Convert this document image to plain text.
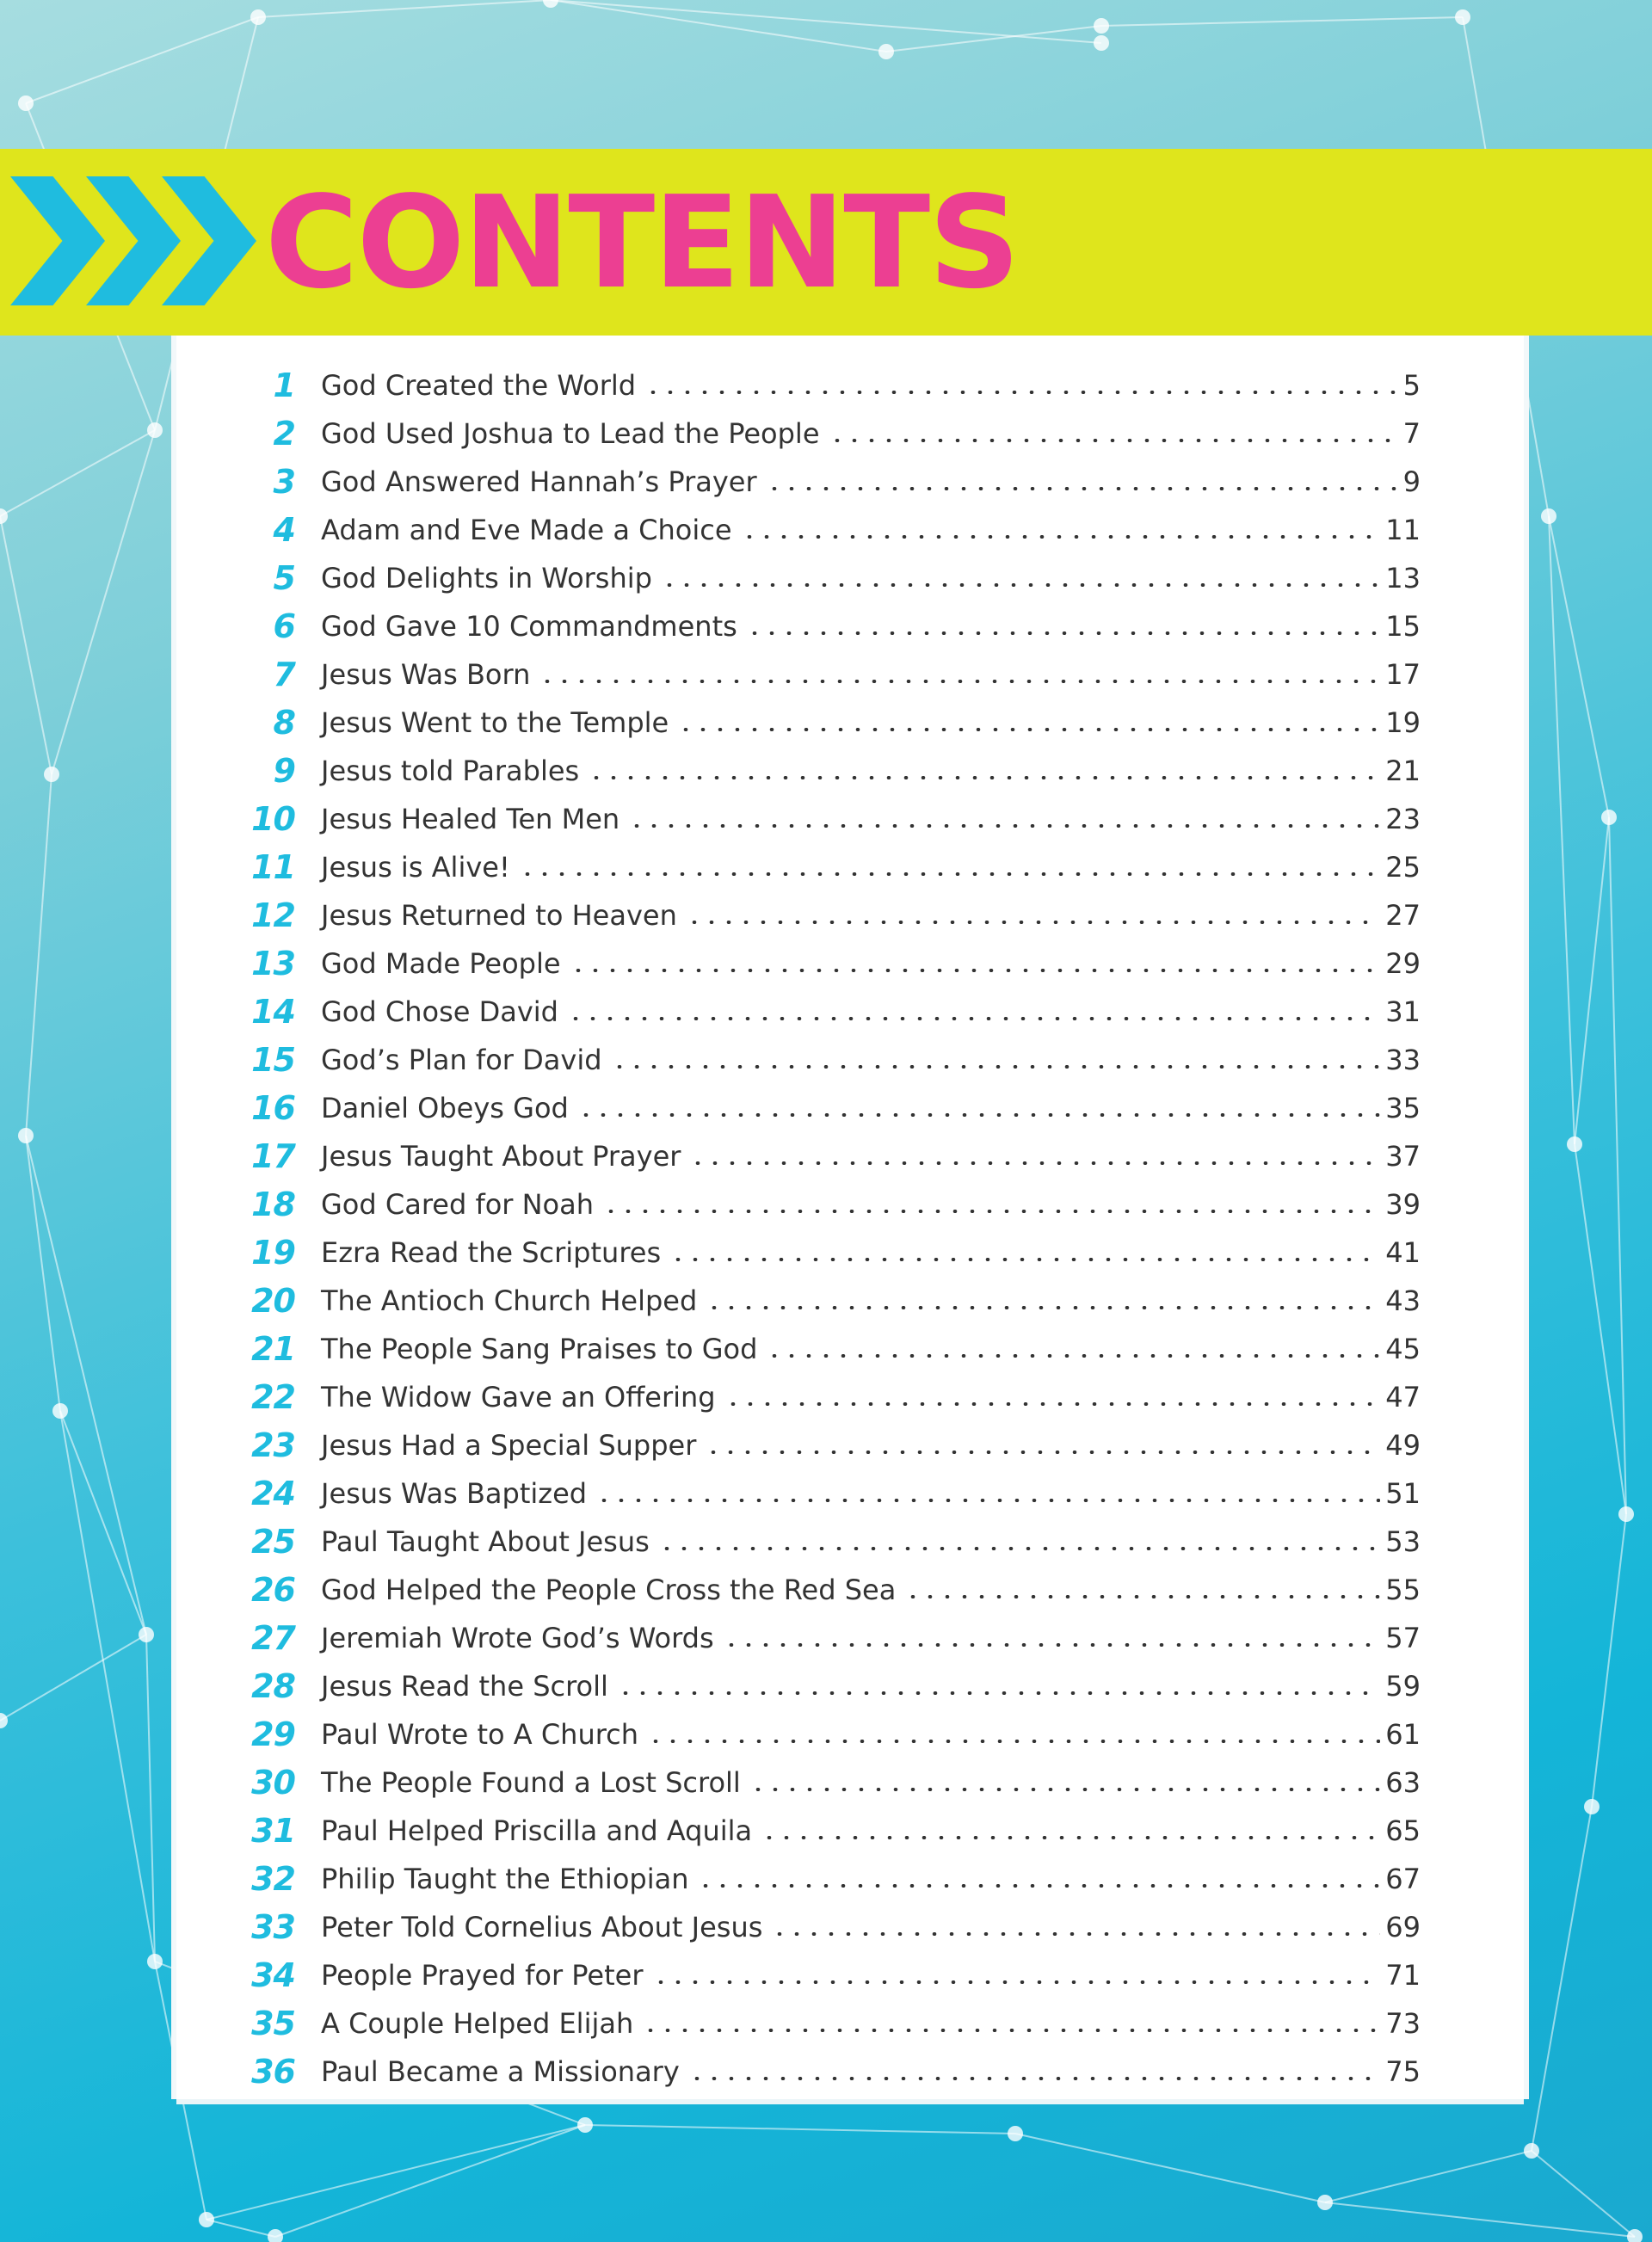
CONTENTS
1 God Created the World	5
2 God Used Joshua to Lead the People	7
3 God Answered Hannah’s Prayer	9
4 Adam and Eve Made a Choice	11
5 God Delights in Worship	13
6 God Gave 10 Commandments	15
7 Jesus Was Born	17
8 Jesus Went to the Temple	19
9 Jesus told Parables	21
10 Jesus Healed Ten Men	23
11 Jesus is Alive!	25
12 Jesus Returned to Heaven	27
13 God Made People	29
14 God Chose David	31
15 God’s Plan for David	33
16 Daniel Obeys God	35
17 Jesus Taught About Prayer	37
18 God Cared for Noah	39
19 Ezra Read the Scriptures	41
20 The Antioch Church Helped	43
21 The People Sang Praises to God	45
22 The Widow Gave an Offering	47
23 Jesus Had a Special Supper	49
24 Jesus Was Baptized	51
25 Paul Taught About Jesus	53
26 God Helped the People Cross the Red Sea	55
27 Jeremiah Wrote God’s Words	57
28 Jesus Read the Scroll	59
29 Paul Wrote to A Church	61
30 The People Found a Lost Scroll	63
31 Paul Helped Priscilla and Aquila	65
32 Philip Taught the Ethiopian	67
33 Peter Told Cornelius About Jesus	69
34 People Prayed for Peter	71
35 A Couple Helped Elijah	73
36 Paul Became a Missionary	75
